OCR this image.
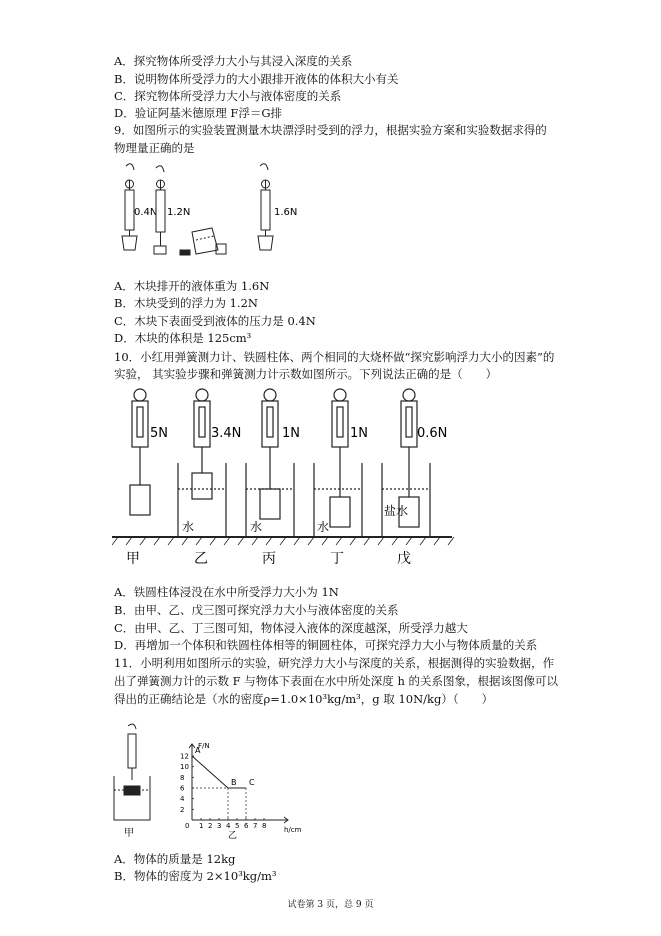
A．探究物体所受浮力大小与其浸入深度的关系
B．说明物体所受浮力的大小跟排开液体的体积大小有关
C．探究物体所受浮力大小与液体密度的关系
D．验证阿基米德原理 F浮＝G排
9．如图所示的实验装置测量木块漂浮时受到的浮力，根据实验方案和实验数据求得的
物理量正确的是
0.4N 1.2N	1.6N
A．木块排开的液体重为 1.6N
B．木块受到的浮力为 1.2N
C．木块下表面受到液体的压力是 0.4N
D．木块的体积是 125cm³
10．小红用弹簧测力计、铁圆柱体、两个相同的大烧杯做“探究影响浮力大小的因素”的
实验， 其实验步骤和弹簧测力计示数如图所示。下列说法正确的是（　　）
5N	3.4N
水
1N
水
1N
水
0.6N
盐水
甲	乙	丙	丁	戊
A．铁圆柱体浸没在水中所受浮力大小为 1N
B．由甲、乙、戊三图可探究浮力大小与液体密度的关系
C．由甲、乙、丁三图可知，物体浸入液体的深度越深，所受浮力越大
D．再增加一个体积和铁圆柱体相等的铜圆柱体，可探究浮力大小与物体质量的关系
11．小明利用如图所示的实验，研究浮力大小与深度的关系，根据测得的实验数据，作
出了弹簧测力计的示数 F 与物体下表面在水中所处深度 h 的关系图象，根据该图像可以
得出的正确结论是（水的密度ρ=1.0×10³kg/m³，g 取 10N/kg）（　　）
甲
1 2 3 4 5 6 7 8
2
4
6
8
10
12
A
B C
F/N
h/cm
0
乙
A．物体的质量是 12kg
B．物体的密度为 2×10³kg/m³
试卷第 3 页，总 9 页
